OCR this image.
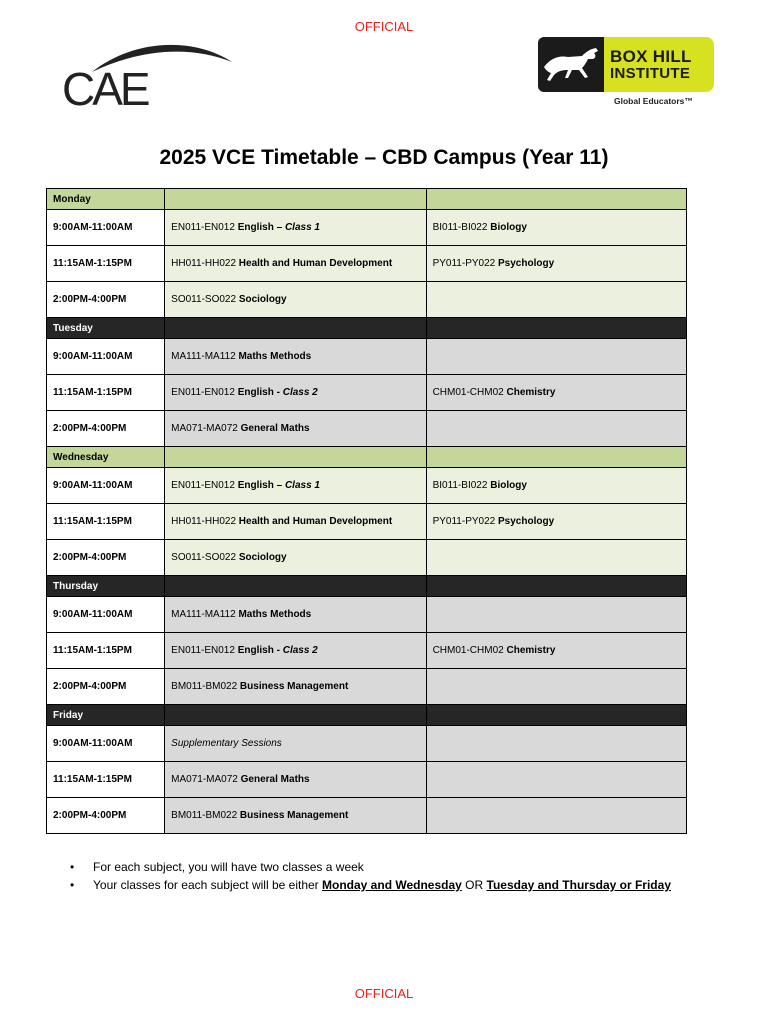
OFFICIAL
CAE
BOX HILL
INSTITUTE
Global Educators™
2025 VCE Timetable – CBD Campus (Year 11)
Monday		
9:00AM-11:00AM	EN011-EN012 English – Class 1	BI011-BI022 Biology
11:15AM-1:15PM	HH011-HH022 Health and Human Development	PY011-PY022 Psychology
2:00PM-4:00PM	SO011-SO022 Sociology	
Tuesday		
9:00AM-11:00AM	MA111-MA112 Maths Methods	
11:15AM-1:15PM	EN011-EN012 English - Class 2	CHM01-CHM02 Chemistry
2:00PM-4:00PM	MA071-MA072 General Maths	
Wednesday		
9:00AM-11:00AM	EN011-EN012 English – Class 1	BI011-BI022 Biology
11:15AM-1:15PM	HH011-HH022 Health and Human Development	PY011-PY022 Psychology
2:00PM-4:00PM	SO011-SO022 Sociology	
Thursday		
9:00AM-11:00AM	MA111-MA112 Maths Methods	
11:15AM-1:15PM	EN011-EN012 English - Class 2	CHM01-CHM02 Chemistry
2:00PM-4:00PM	BM011-BM022 Business Management	
Friday		
9:00AM-11:00AM	Supplementary Sessions	
11:15AM-1:15PM	MA071-MA072 General Maths	
2:00PM-4:00PM	BM011-BM022 Business Management	
• For each subject, you will have two classes a week
• Your classes for each subject will be either Monday and Wednesday OR Tuesday and Thursday or Friday
OFFICIAL
